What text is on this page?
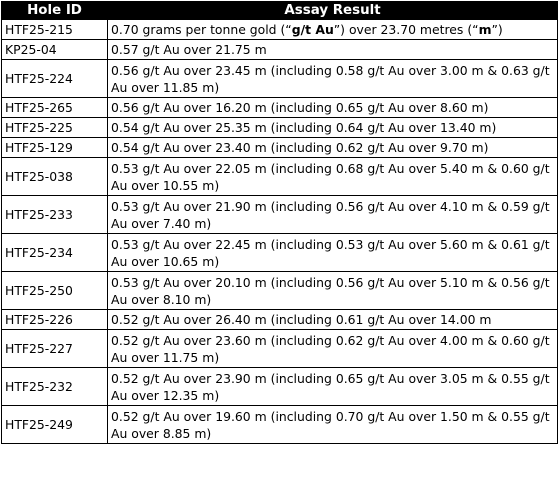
Hole ID	Assay Result
HTF25-215	0.70 grams per tonne gold (“g/t Au”) over 23.70 metres (“m”)
KP25-04	0.57 g/t Au over 21.75 m
HTF25-224	0.56 g/t Au over 23.45 m (including 0.58 g/t Au over 3.00 m & 0.63 g/t Au over 11.85 m)
HTF25-265	0.56 g/t Au over 16.20 m (including 0.65 g/t Au over 8.60 m)
HTF25-225	0.54 g/t Au over 25.35 m (including 0.64 g/t Au over 13.40 m)
HTF25-129	0.54 g/t Au over 23.40 m (including 0.62 g/t Au over 9.70 m)
HTF25-038	0.53 g/t Au over 22.05 m (including 0.68 g/t Au over 5.40 m & 0.60 g/t Au over 10.55 m)
HTF25-233	0.53 g/t Au over 21.90 m (including 0.56 g/t Au over 4.10 m & 0.59 g/t Au over 7.40 m)
HTF25-234	0.53 g/t Au over 22.45 m (including 0.53 g/t Au over 5.60 m & 0.61 g/t Au over 10.65 m)
HTF25-250	0.53 g/t Au over 20.10 m (including 0.56 g/t Au over 5.10 m & 0.56 g/t Au over 8.10 m)
HTF25-226	0.52 g/t Au over 26.40 m (including 0.61 g/t Au over 14.00 m
HTF25-227	0.52 g/t Au over 23.60 m (including 0.62 g/t Au over 4.00 m & 0.60 g/t Au over 11.75 m)
HTF25-232	0.52 g/t Au over 23.90 m (including 0.65 g/t Au over 3.05 m & 0.55 g/t Au over 12.35 m)
HTF25-249	0.52 g/t Au over 19.60 m (including 0.70 g/t Au over 1.50 m & 0.55 g/t Au over 8.85 m)
